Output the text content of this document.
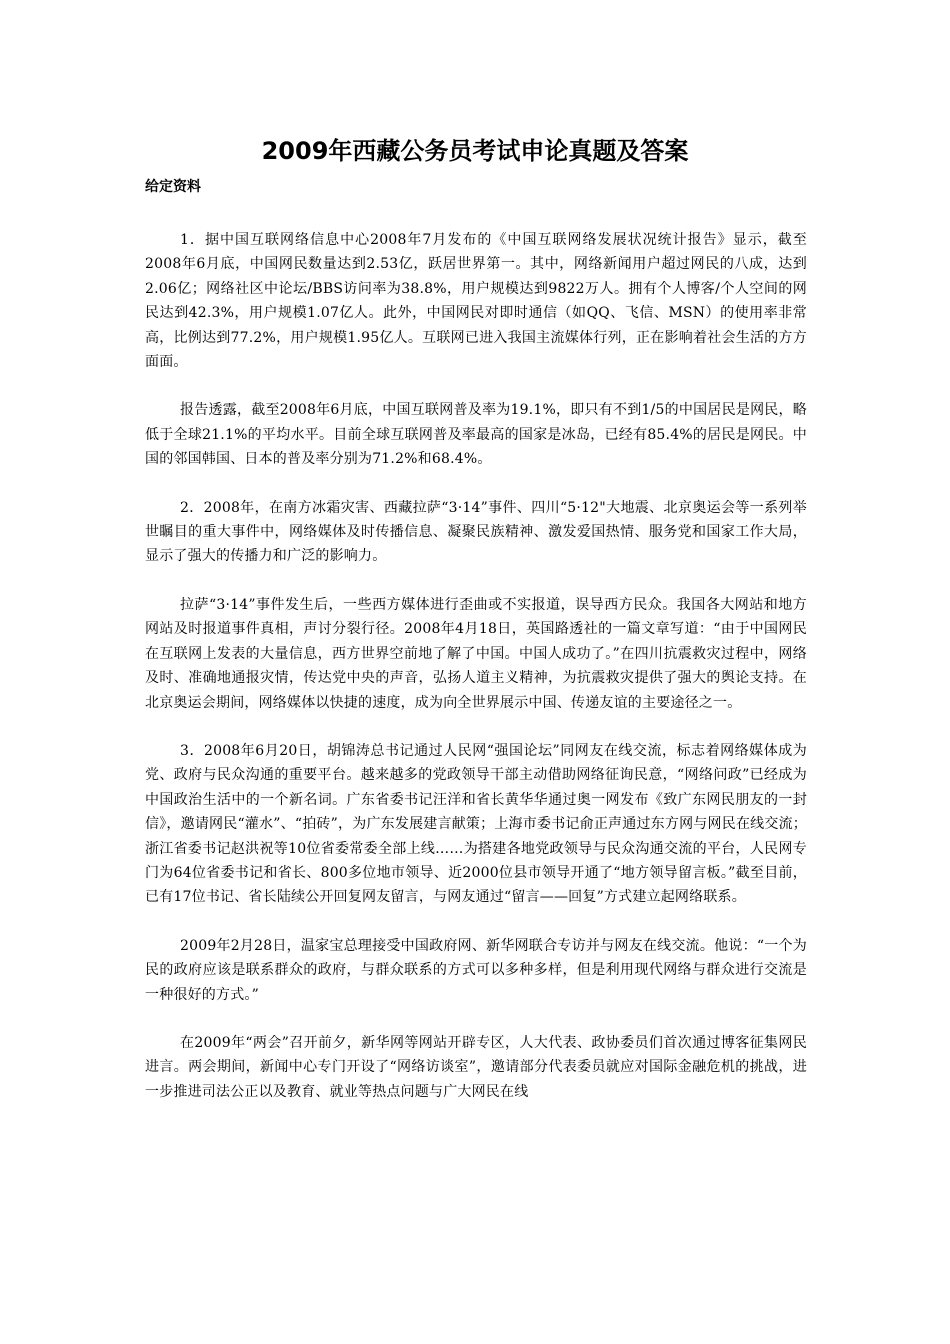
2009年西藏公务员考试申论真题及答案
给定资料

1．据中国互联网络信息中心2008年7月发布的《中国互联网络发展状况统计报告》显示，截至2008年6月底，中国网民数量达到2.53亿，跃居世界第一。其中，网络新闻用户超过网民的八成，达到2.06亿；网络社区中论坛/BBS访问率为38.8%，用户规模达到9822万人。拥有个人博客/个人空间的网民达到42.3%，用户规模1.07亿人。此外，中国网民对即时通信（如QQ、飞信、MSN）的使用率非常高，比例达到77.2%，用户规模1.95亿人。互联网已进入我国主流媒体行列，正在影响着社会生活的方方面面。

报告透露，截至2008年6月底，中国互联网普及率为19.1%，即只有不到1/5的中国居民是网民，略低于全球21.1%的平均水平。目前全球互联网普及率最高的国家是冰岛，已经有85.4%的居民是网民。中国的邻国韩国、日本的普及率分别为71.2%和68.4%。

2．2008年，在南方冰霜灾害、西藏拉萨“3·14”事件、四川“5·12"大地震、北京奥运会等一系列举世瞩目的重大事件中，网络媒体及时传播信息、凝聚民族精神、激发爱国热情、服务党和国家工作大局，显示了强大的传播力和广泛的影响力。

拉萨“3·14”事件发生后，一些西方媒体进行歪曲或不实报道，误导西方民众。我国各大网站和地方网站及时报道事件真相，声讨分裂行径。2008年4月18日，英国路透社的一篇文章写道：“由于中国网民在互联网上发表的大量信息，西方世界空前地了解了中国。中国人成功了。”在四川抗震救灾过程中，网络及时、准确地通报灾情，传达党中央的声音，弘扬人道主义精神，为抗震救灾提供了强大的舆论支持。在北京奥运会期间，网络媒体以快捷的速度，成为向全世界展示中国、传递友谊的主要途径之一。

3．2008年6月20日，胡锦涛总书记通过人民网“强国论坛”同网友在线交流，标志着网络媒体成为党、政府与民众沟通的重要平台。越来越多的党政领导干部主动借助网络征询民意，“网络问政”已经成为中国政治生活中的一个新名词。广东省委书记汪洋和省长黄华华通过奥一网发布《致广东网民朋友的一封信》，邀请网民“灌水”、“拍砖”，为广东发展建言献策；上海市委书记俞正声通过东方网与网民在线交流；浙江省委书记赵洪祝等10位省委常委全部上线……为搭建各地党政领导与民众沟通交流的平台，人民网专门为64位省委书记和省长、800多位地市领导、近2000位县市领导开通了“地方领导留言板。”截至目前，已有17位书记、省长陆续公开回复网友留言，与网友通过“留言——回复”方式建立起网络联系。

2009年2月28日，温家宝总理接受中国政府网、新华网联合专访并与网友在线交流。他说：“一个为民的政府应该是联系群众的政府，与群众联系的方式可以多种多样，但是利用现代网络与群众进行交流是一种很好的方式。”

在2009年“两会”召开前夕，新华网等网站开辟专区，人大代表、政协委员们首次通过博客征集网民进言。两会期间，新闻中心专门开设了“网络访谈室”，邀请部分代表委员就应对国际金融危机的挑战，进一步推进司法公正以及教育、就业等热点问题与广大网民在线
